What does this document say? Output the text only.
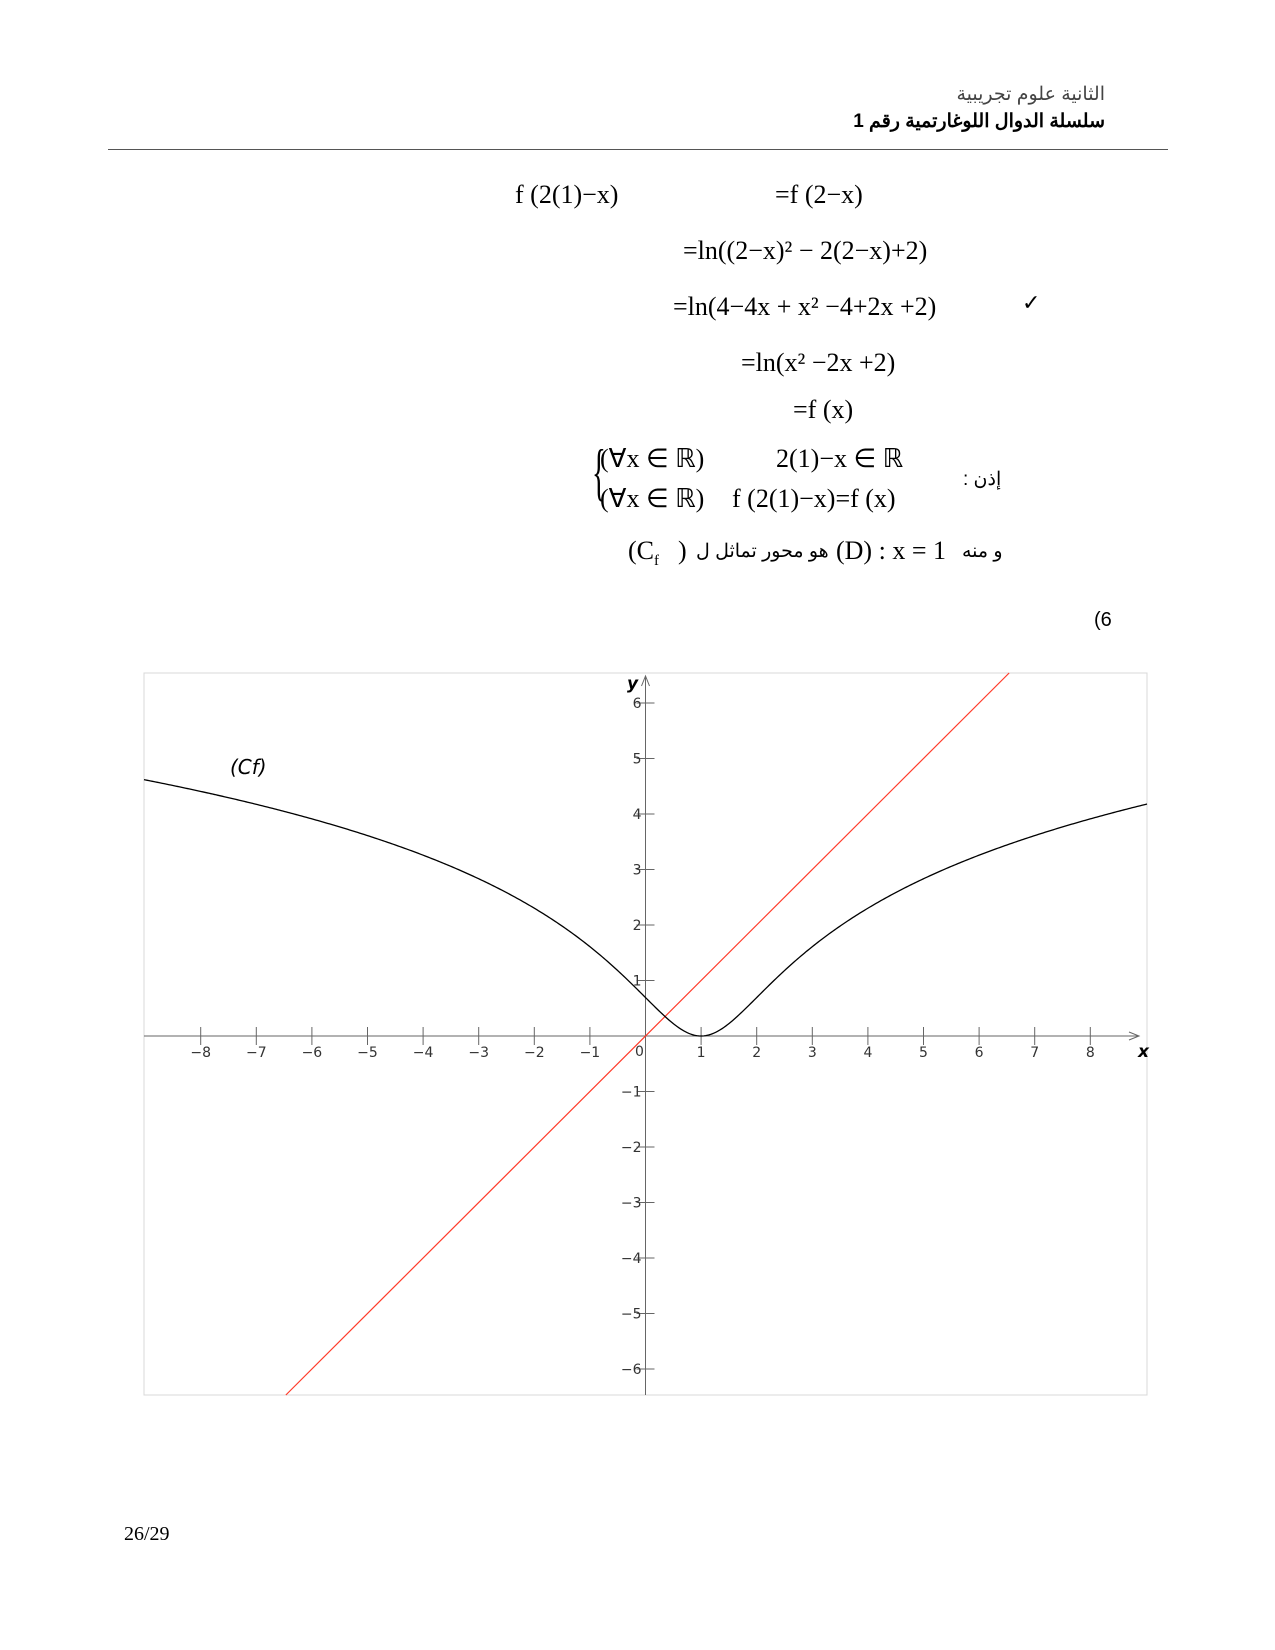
الثانية علوم تجريبية
سلسلة الدوال اللوغارتمية رقم 1
f (2(1)−x)	=f (2−x)
=ln((2−x)² − 2(2−x)+2)
=ln(4−4x + x² −4+2x +2)	✓
=ln(x² −2x +2)
=f (x)
{
(∀x ∈ ℝ)	2(1)−x ∈ ℝ
(∀x ∈ ℝ) f (2(1)−x)=f (x)
إذن :
($C_f$ ) هو محور تماثل ل (D) : x = 1 و منه
(6
−8 −7 −6 −5 −4 −3 −2 −1	1	2	3	4	5	6	7	8
−6
−5
−4
−3
−2
−1
1
2
3
4
5
6
(Cf)
x
y
0
26/29
